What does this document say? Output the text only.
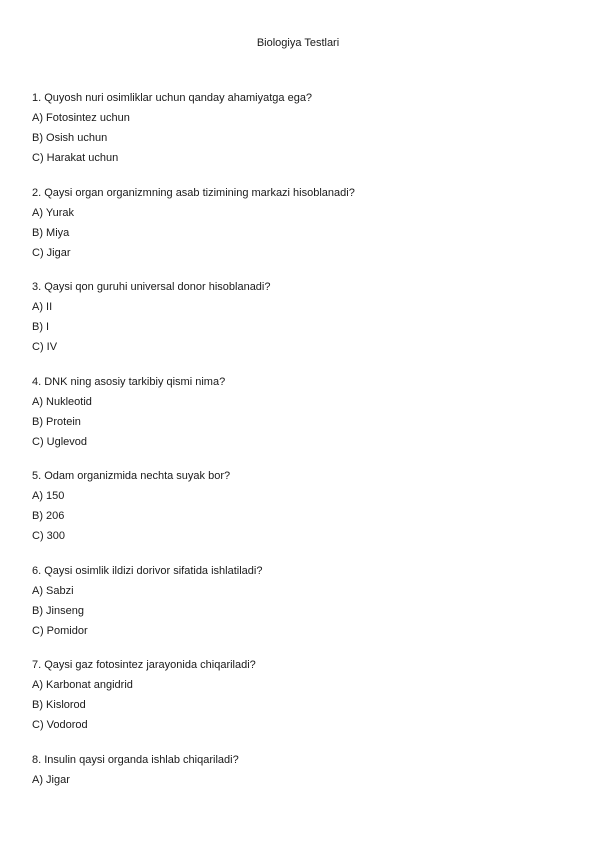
Biologiya Testlari
1. Quyosh nuri osimliklar uchun qanday ahamiyatga ega?
A) Fotosintez uchun
B) Osish uchun
C) Harakat uchun
2. Qaysi organ organizmning asab tizimining markazi hisoblanadi?
A) Yurak
B) Miya
C) Jigar
3. Qaysi qon guruhi universal donor hisoblanadi?
A) II
B) I
C) IV
4. DNK ning asosiy tarkibiy qismi nima?
A) Nukleotid
B) Protein
C) Uglevod
5. Odam organizmida nechta suyak bor?
A) 150
B) 206
C) 300
6. Qaysi osimlik ildizi dorivor sifatida ishlatiladi?
A) Sabzi
B) Jinseng
C) Pomidor
7. Qaysi gaz fotosintez jarayonida chiqariladi?
A) Karbonat angidrid
B) Kislorod
C) Vodorod
8. Insulin qaysi organda ishlab chiqariladi?
A) Jigar
